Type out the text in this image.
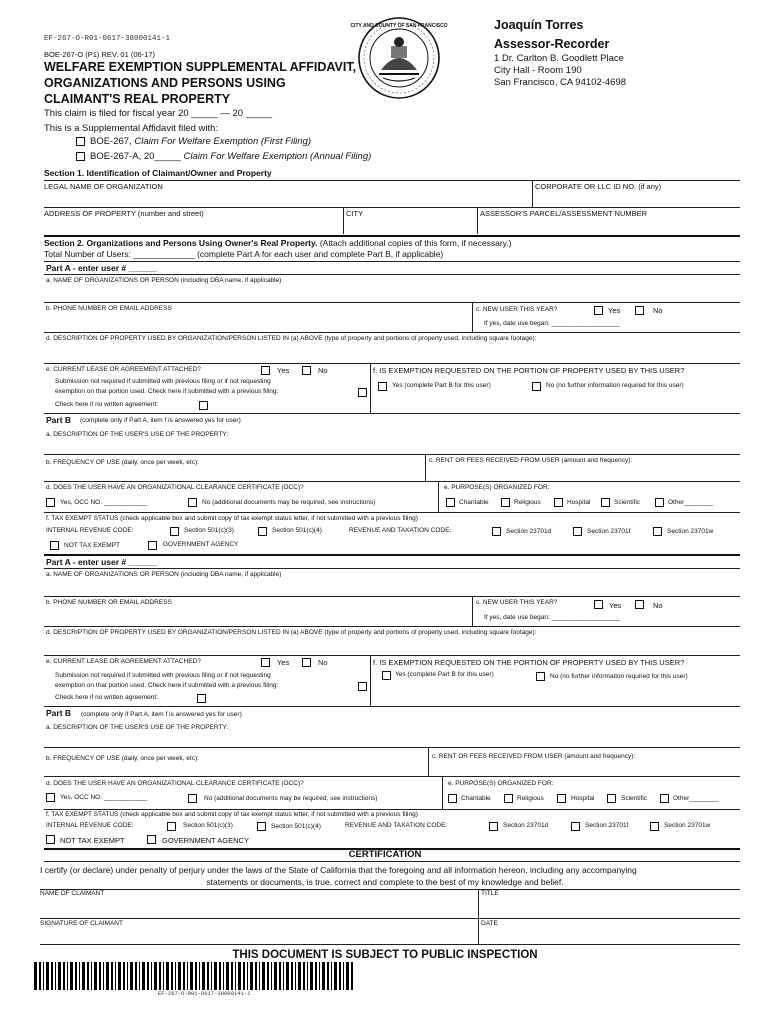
EF-267-O-R01-0617-38000141-1
BOE-267-O (P1) REV. 01 (06-17)
WELFARE EXEMPTION SUPPLEMENTAL AFFIDAVIT,
ORGANIZATIONS AND PERSONS USING
CLAIMANT'S REAL PROPERTY
CITY AND COUNTY OF SAN FRANCISCO	Joaquín Torres
Assessor-Recorder
1 Dr. Carlton B. Goodlett Place
City Hall - Room 190
San Francisco, CA 94102-4698
This claim is filed for fiscal year 20 _____ — 20 _____
This is a Supplemental Affidavit filed with:
BOE-267, Claim For Welfare Exemption (First Filing)
BOE-267-A, 20_____ Claim For Welfare Exemption (Annual Filing)
Section 1. Identification of Claimant/Owner and Property
LEGAL NAME OF ORGANIZATION	CORPORATE OR LLC ID NO. (if any)
ADDRESS OF PROPERTY (number and street)	CITY	ASSESSOR'S PARCEL/ASSESSMENT NUMBER
Section 2. Organizations and Persons Using Owner's Real Property. (Attach additional copies of this form, if necessary.)
Total Number of Users: _____________ (complete Part A for each user and complete Part B, if applicable)
Part A - enter user # ______
a. NAME OF ORGANIZATIONS OR PERSON (including DBA name, if applicable)
b. PHONE NUMBER OR EMAIL ADDRESS	c. NEW USER THIS YEAR?	Yes	No
If yes, date use began: ___________________
d. DESCRIPTION OF PROPERTY USED BY ORGANIZATION/PERSON LISTED IN (a) ABOVE (type of property and portions of property used, including square footage):
e. CURRENT LEASE OR AGREEMENT ATTACHED?	Yes	No
Submission not required if submitted with previous filing or if not requesting
exemption on that portion used. Check here if submitted with a previous filing:
Check here if no written agreement:
f. IS EXEMPTION REQUESTED ON THE PORTION OF PROPERTY USED BY THIS USER?
Yes (complete Part B for this user)	No (no further information required for this user)
Part B (complete only if Part A, item f is answered yes for user)
a. DESCRIPTION OF THE USER'S USE OF THE PROPERTY:
b. FREQUENCY OF USE (daily, once per week, etc):	c. RENT OR FEES RECEIVED FROM USER (amount and frequency):
d. DOES THE USER HAVE AN ORGANIZATIONAL CLEARANCE CERTIFICATE (OCC)?
Yes, OCC NO. ____________	No (additional documents may be required, see instructions)
e. PURPOSE(S) ORGANIZED FOR:
Charitable	Religious	Hospital	Scientific	Other________
f. TAX EXEMPT STATUS (check applicable box and submit copy of tax exempt status letter, if not submitted with a previous filing)
INTERNAL REVENUE CODE:	Section 501(c)(3)	Section 501(c)(4)	REVENUE AND TAXATION CODE:	Section 23701d	Section 23701f	Section 23701w
NOT TAX EXEMPT	GOVERNMENT AGENCY
Part A - enter user # ______
a. NAME OF ORGANIZATIONS OR PERSON (including DBA name, if applicable)
b. PHONE NUMBER OR EMAIL ADDRESS	c. NEW USER THIS YEAR?	Yes	No
If yes, date use began: ___________________
d. DESCRIPTION OF PROPERTY USED BY ORGANIZATION/PERSON LISTED IN (a) ABOVE (type of property and portions of property used, including square footage):
e. CURRENT LEASE OR AGREEMENT ATTACHED?	Yes	No
Submission not required if submitted with previous filing or if not requesting
exemption on that portion used. Check here if submitted with a previous filing:
Check here if no written agreement:
f. IS EXEMPTION REQUESTED ON THE PORTION OF PROPERTY USED BY THIS USER?
Yes (complete Part B for this user)	No (no further information required for this user)
Part B (complete only if Part A, item f is answered yes for user)
a. DESCRIPTION OF THE USER'S USE OF THE PROPERTY:
b. FREQUENCY OF USE (daily, once per week, etc):	c. RENT OR FEES RECEIVED FROM USER (amount and frequency):
d. DOES THE USER HAVE AN ORGANIZATIONAL CLEARANCE CERTIFICATE (OCC)?
Yes, OCC NO. ____________	No (additional documents may be required, see instructions)
e. PURPOSE(S) ORGANIZED FOR:
Charitable	Religious	Hospital	Scientific	Other________
f. TAX EXEMPT STATUS (check applicable box and submit copy of tax exempt status letter, if not submitted with a previous filing)
INTERNAL REVENUE CODE:	Section 501(c)(3)	Section 501(c)(4)	REVENUE AND TAXATION CODE:	Section 23701d	Section 23701f	Section 23701w
NOT TAX EXEMPT	GOVERNMENT AGENCY
CERTIFICATION
I certify (or declare) under penalty of perjury under the laws of the State of California that the foregoing and all information hereon, including any accompanying
statements or documents, is true, correct and complete to the best of my knowledge and belief.
NAME OF CLAIMANT	TITLE
SIGNATURE OF CLAIMANT	DATE
THIS DOCUMENT IS SUBJECT TO PUBLIC INSPECTION
EF-267-O-R01-0617-38000141-1
